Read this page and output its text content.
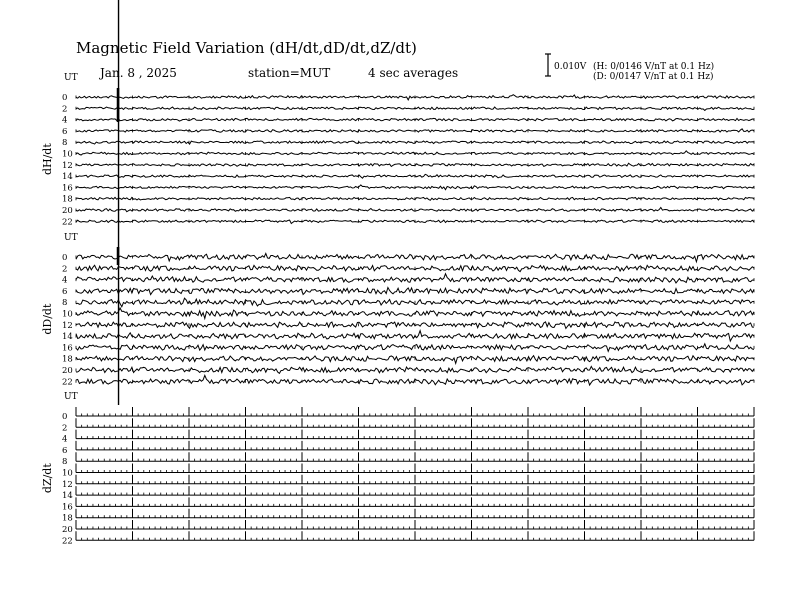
Magnetic Field Variation (dH/dt,dD/dt,dZ/dt)
Jan. 8 , 2025	station=MUT	4 sec averages	0.010V (H: 0/0146 V/nT at 0.1 Hz)
(D: 0/0147 V/nT at 0.1 Hz)
UT
dH/dt
0
2
4
6
8
10
12
14
16
18
20
22
UT
dD/dt
0
2
4
6
8
10
12
14
16
18
20
22
UT
dZ/dt
0
2
4
6
8
10
12
14
16
18
20
22
